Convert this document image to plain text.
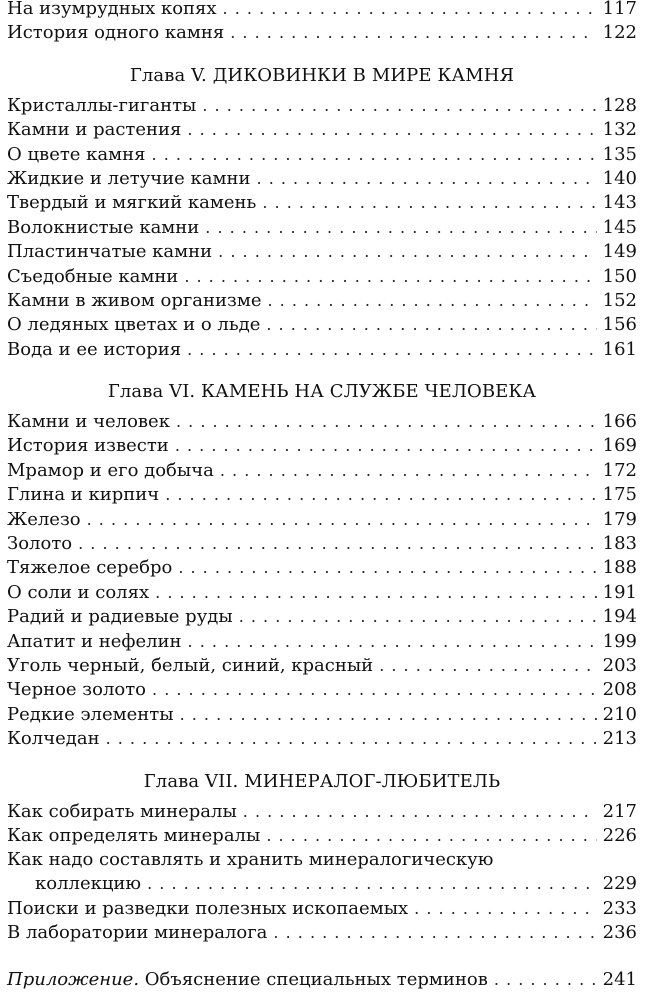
На изумрудных копях . . .	117
История одного камня . . .	122
Глава V. ДИКОВИНКИ В МИРЕ КАМНЯ
Кристаллы-гиганты . . .	128
Камни и растения . . .	132
О цвете камня . . .	135
Жидкие и летучие камни . . .	140
Твердый и мягкий камень . . .	143
Волокнистые камни . . .	145
Пластинчатые камни . . .	149
Съедобные камни . . .	150
Камни в живом организме . . .	152
О ледяных цветах и о льде . . .	156
Вода и ее история . . .	161
Глава VI. КАМЕНЬ НА СЛУЖБЕ ЧЕЛОВЕКА
Камни и человек . . .	166
История извести . . .	169
Мрамор и его добыча . . .	172
Глина и кирпич . . .	175
Железо . . .	179
Золото . . .	183
Тяжелое серебро . . .	188
О соли и солях . . .	191
Радий и радиевые руды . . .	194
Апатит и нефелин . . .	199
Уголь черный, белый, синий, красный . . .	203
Черное золото . . .	208
Редкие элементы . . .	210
Колчедан . . .	213
Глава VII. МИНЕРАЛОГ-ЛЮБИТЕЛЬ
Как собирать минералы . . .	217
Как определять минералы . . .	226
Как надо составлять и хранить минералогическую
коллекцию . . .	229
Поиски и разведки полезных ископаемых . . .	233
В лаборатории минералога . . .	236
Приложение. Объяснение специальных терминов . . .	241
